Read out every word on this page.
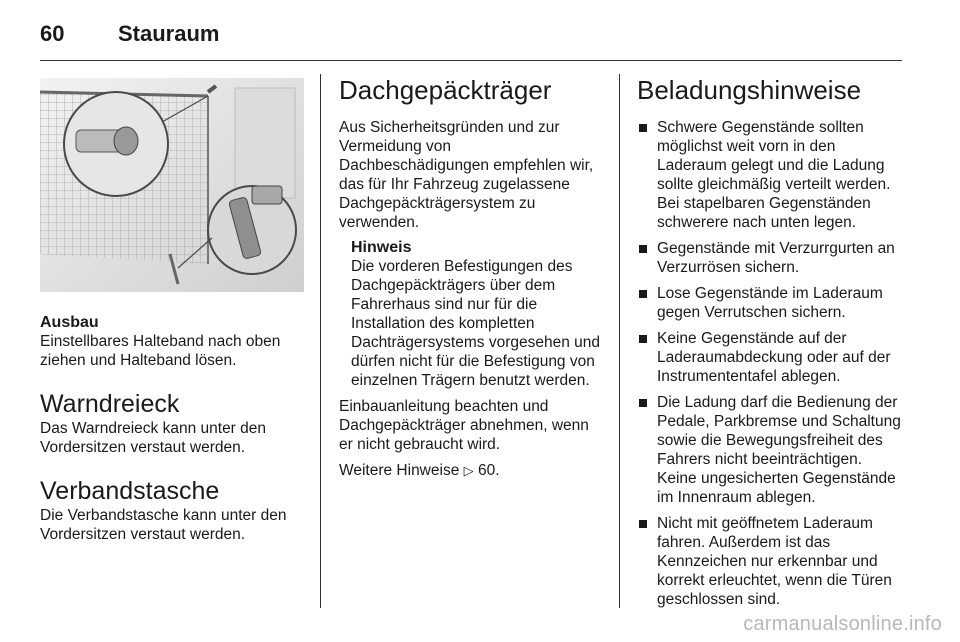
60	Stauraum

Ausbau

Einstellbares Halteband nach oben ziehen und Halteband lösen.

Warndreieck

Das Warndreieck kann unter den Vordersitzen verstaut werden.

Verbandstasche

Die Verbandstasche kann unter den Vordersitzen verstaut werden.

Dachgepäckträger

Aus Sicherheitsgründen und zur Vermeidung von Dachbeschädigungen empfehlen wir, das für Ihr Fahrzeug zugelassene Dachgepäckträgersystem zu verwenden.

Hinweis

Die vorderen Befestigungen des Dachgepäckträgers über dem Fahrerhaus sind nur für die Installation des kompletten Dachträgersystems vorgesehen und dürfen nicht für die Befestigung von einzelnen Trägern benutzt werden.

Einbauanleitung beachten und Dachgepäckträger abnehmen, wenn er nicht gebraucht wird.

Weitere Hinweise ▷ 60.

Beladungshinweise

Schwere Gegenstände sollten möglichst weit vorn in den Laderaum gelegt und die Ladung sollte gleichmäßig verteilt werden. Bei stapelbaren Gegenständen schwerere nach unten legen.
Gegenstände mit Verzurrgurten an Verzurrösen sichern.
Lose Gegenstände im Laderaum gegen Verrutschen sichern.
Keine Gegenstände auf der Laderaumabdeckung oder auf der Instrumententafel ablegen.
Die Ladung darf die Bedienung der Pedale, Parkbremse und Schaltung sowie die Bewegungsfreiheit des Fahrers nicht beeinträchtigen. Keine ungesicherten Gegenstände im Innenraum ablegen.
Nicht mit geöffnetem Laderaum fahren. Außerdem ist das Kennzeichen nur erkennbar und korrekt erleuchtet, wenn die Türen geschlossen sind.
carmanualsonline.info
